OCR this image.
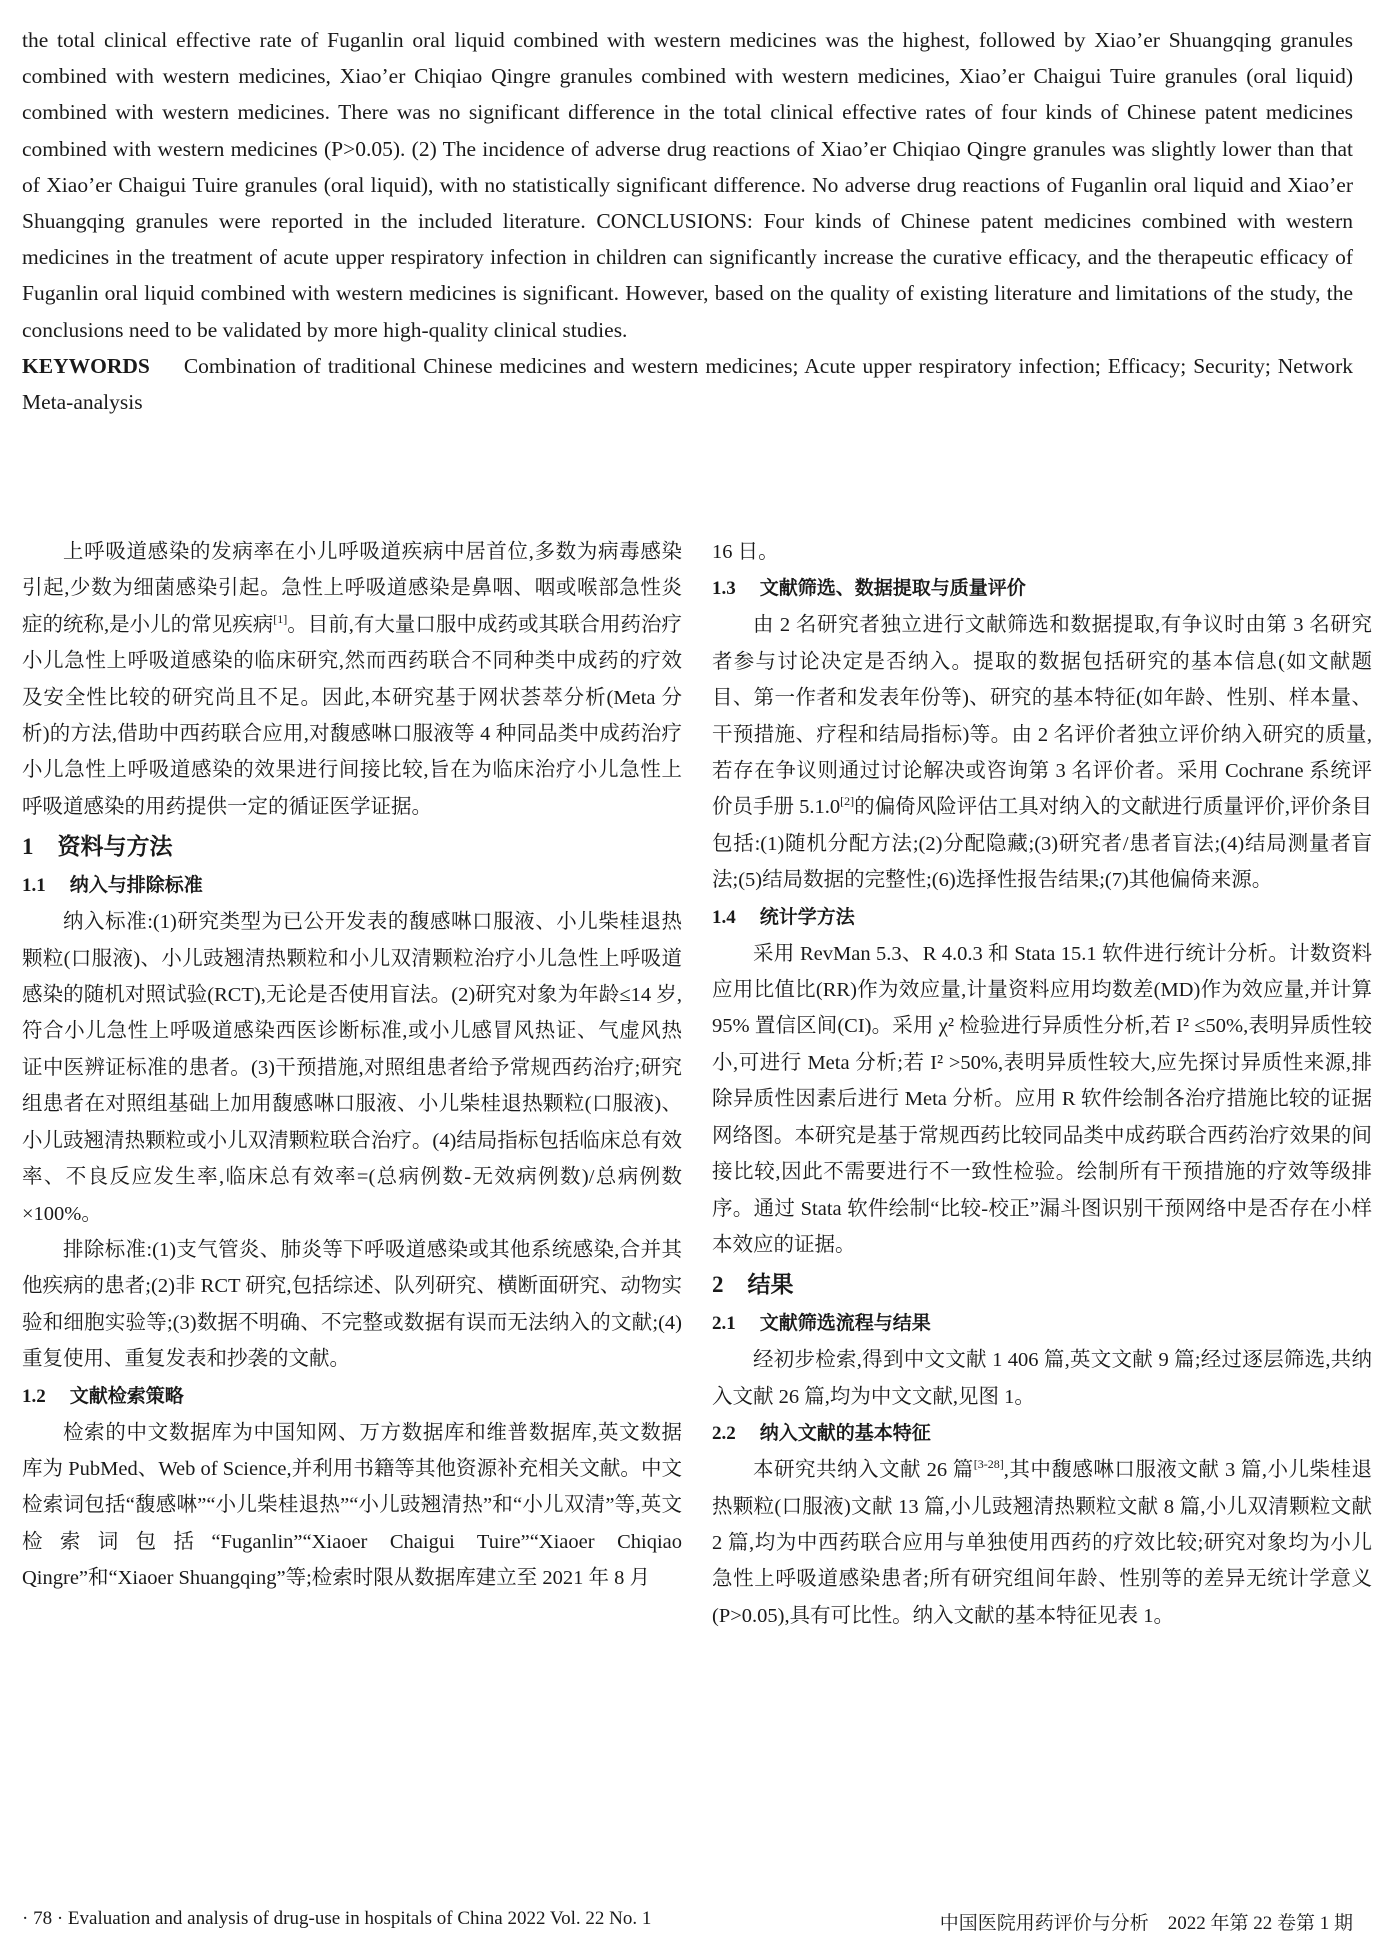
the total clinical effective rate of Fuganlin oral liquid combined with western medicines was the highest, followed by Xiao’er Shuangqing granules combined with western medicines, Xiao’er Chiqiao Qingre granules combined with western medicines, Xiao’er Chaigui Tuire granules (oral liquid) combined with western medicines. There was no significant difference in the total clinical effective rates of four kinds of Chinese patent medicines combined with western medicines (P>0.05). (2) The incidence of adverse drug reactions of Xiao’er Chiqiao Qingre granules was slightly lower than that of Xiao’er Chaigui Tuire granules (oral liquid), with no statistically significant difference. No adverse drug reactions of Fuganlin oral liquid and Xiao’er Shuangqing granules were reported in the included literature. CONCLUSIONS: Four kinds of Chinese patent medicines combined with western medicines in the treatment of acute upper respiratory infection in children can significantly increase the curative efficacy, and the therapeutic efficacy of Fuganlin oral liquid combined with western medicines is significant. However, based on the quality of existing literature and limitations of the study, the conclusions need to be validated by more high-quality clinical studies.

KEYWORDS Combination of traditional Chinese medicines and western medicines; Acute upper respiratory infection; Efficacy; Security; Network Meta-analysis

上呼吸道感染的发病率在小儿呼吸道疾病中居首位,多数为病毒感染引起,少数为细菌感染引起。急性上呼吸道感染是鼻咽、咽或喉部急性炎症的统称,是小儿的常见疾病[1]。目前,有大量口服中成药或其联合用药治疗小儿急性上呼吸道感染的临床研究,然而西药联合不同种类中成药的疗效及安全性比较的研究尚且不足。因此,本研究基于网状荟萃分析(Meta 分析)的方法,借助中西药联合应用,对馥感啉口服液等 4 种同品类中成药治疗小儿急性上呼吸道感染的效果进行间接比较,旨在为临床治疗小儿急性上呼吸道感染的用药提供一定的循证医学证据。

1 资料与方法
1.1 纳入与排除标准

纳入标准:(1)研究类型为已公开发表的馥感啉口服液、小儿柴桂退热颗粒(口服液)、小儿豉翘清热颗粒和小儿双清颗粒治疗小儿急性上呼吸道感染的随机对照试验(RCT),无论是否使用盲法。(2)研究对象为年龄≤14 岁,符合小儿急性上呼吸道感染西医诊断标准,或小儿感冒风热证、气虚风热证中医辨证标准的患者。(3)干预措施,对照组患者给予常规西药治疗;研究组患者在对照组基础上加用馥感啉口服液、小儿柴桂退热颗粒(口服液)、小儿豉翘清热颗粒或小儿双清颗粒联合治疗。(4)结局指标包括临床总有效率、不良反应发生率,临床总有效率=(总病例数-无效病例数)/总病例数×100%。

排除标准:(1)支气管炎、肺炎等下呼吸道感染或其他系统感染,合并其他疾病的患者;(2)非 RCT 研究,包括综述、队列研究、横断面研究、动物实验和细胞实验等;(3)数据不明确、不完整或数据有误而无法纳入的文献;(4)重复使用、重复发表和抄袭的文献。

1.2 文献检索策略

检索的中文数据库为中国知网、万方数据库和维普数据库,英文数据库为 PubMed、Web of Science,并利用书籍等其他资源补充相关文献。中文检索词包括“馥感啉”“小儿柴桂退热”“小儿豉翘清热”和“小儿双清”等,英文检索词包括“Fuganlin”“Xiaoer Chaigui Tuire”“Xiaoer Chiqiao Qingre”和“Xiaoer Shuangqing”等;检索时限从数据库建立至 2021 年 8 月

16 日。

1.3 文献筛选、数据提取与质量评价

由 2 名研究者独立进行文献筛选和数据提取,有争议时由第 3 名研究者参与讨论决定是否纳入。提取的数据包括研究的基本信息(如文献题目、第一作者和发表年份等)、研究的基本特征(如年龄、性别、样本量、干预措施、疗程和结局指标)等。由 2 名评价者独立评价纳入研究的质量,若存在争议则通过讨论解决或咨询第 3 名评价者。采用 Cochrane 系统评价员手册 5.1.0[2]的偏倚风险评估工具对纳入的文献进行质量评价,评价条目包括:(1)随机分配方法;(2)分配隐藏;(3)研究者/患者盲法;(4)结局测量者盲法;(5)结局数据的完整性;(6)选择性报告结果;(7)其他偏倚来源。

1.4 统计学方法

采用 RevMan 5.3、R 4.0.3 和 Stata 15.1 软件进行统计分析。计数资料应用比值比(RR)作为效应量,计量资料应用均数差(MD)作为效应量,并计算 95% 置信区间(CI)。采用 χ² 检验进行异质性分析,若 I² ≤50%,表明异质性较小,可进行 Meta 分析;若 I² >50%,表明异质性较大,应先探讨异质性来源,排除异质性因素后进行 Meta 分析。应用 R 软件绘制各治疗措施比较的证据网络图。本研究是基于常规西药比较同品类中成药联合西药治疗效果的间接比较,因此不需要进行不一致性检验。绘制所有干预措施的疗效等级排序。通过 Stata 软件绘制“比较-校正”漏斗图识别干预网络中是否存在小样本效应的证据。

2 结果
2.1 文献筛选流程与结果

经初步检索,得到中文文献 1 406 篇,英文文献 9 篇;经过逐层筛选,共纳入文献 26 篇,均为中文文献,见图 1。

2.2 纳入文献的基本特征

本研究共纳入文献 26 篇[3-28],其中馥感啉口服液文献 3 篇,小儿柴桂退热颗粒(口服液)文献 13 篇,小儿豉翘清热颗粒文献 8 篇,小儿双清颗粒文献 2 篇,均为中西药联合应用与单独使用西药的疗效比较;研究对象均为小儿急性上呼吸道感染患者;所有研究组间年龄、性别等的差异无统计学意义(P>0.05),具有可比性。纳入文献的基本特征见表 1。

· 78 · Evaluation and analysis of drug-use in hospitals of China 2022 Vol. 22 No. 1	中国医院用药评价与分析　2022 年第 22 卷第 1 期
